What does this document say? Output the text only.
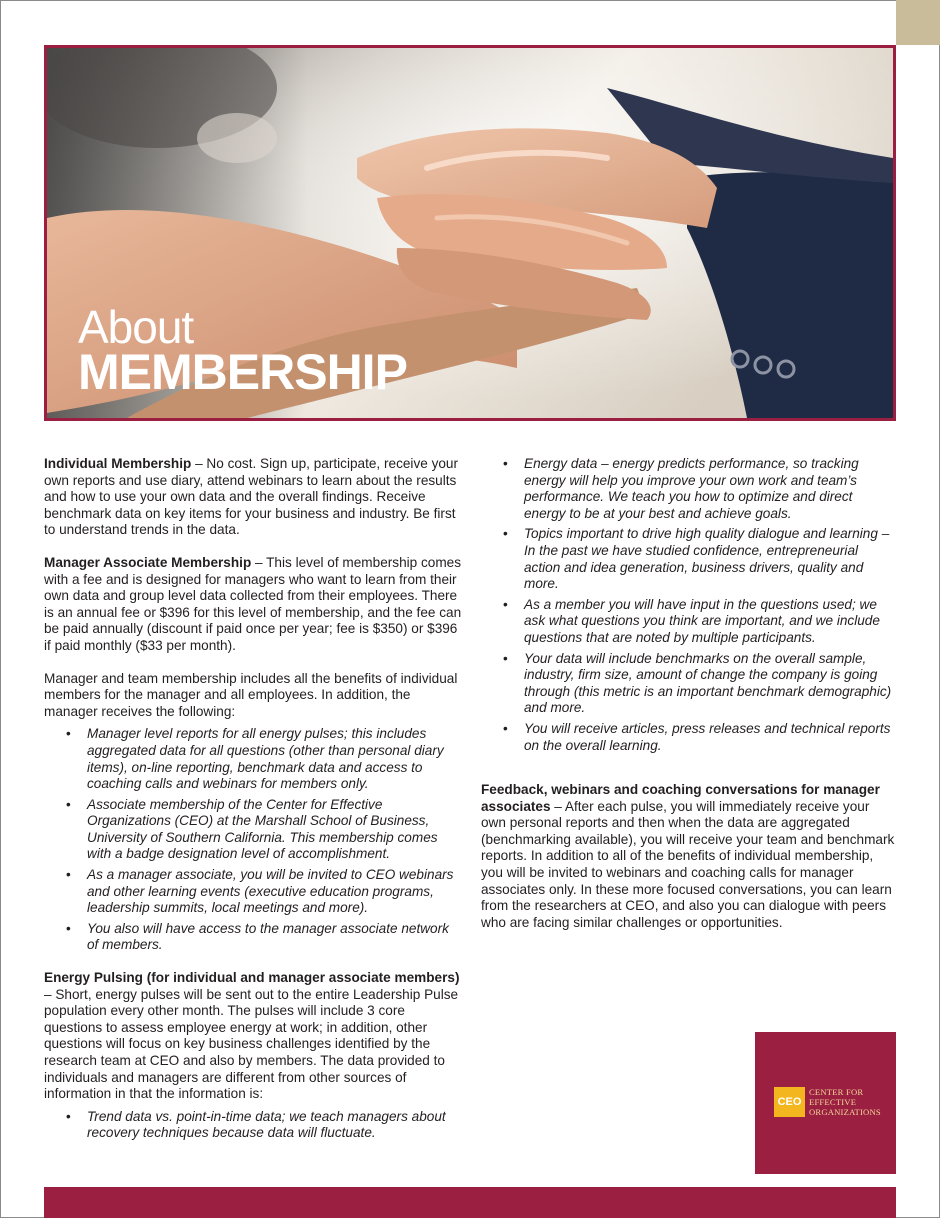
About
MEMBERSHIP

Individual Membership – No cost. Sign up, participate, receive your own reports and use diary, attend webinars to learn about the results and how to use your own data and the overall findings. Receive benchmark data on key items for your business and industry. Be first to understand trends in the data.

Manager Associate Membership – This level of membership comes with a fee and is designed for managers who want to learn from their own data and group level data collected from their employees. There is an annual fee or $396 for this level of membership, and the fee can be paid annually (discount if paid once per year; fee is $350) or $396 if paid monthly ($33 per month).

Manager and team membership includes all the benefits of individual members for the manager and all employees. In addition, the manager receives the following:

• Manager level reports for all energy pulses; this includes aggregated data for all questions (other than personal diary items), on-line reporting, benchmark data and access to coaching calls and webinars for members only.
• Associate membership of the Center for Effective Organizations (CEO) at the Marshall School of Business, University of Southern California. This membership comes with a badge designation level of accomplishment.
• As a manager associate, you will be invited to CEO webinars and other learning events (executive education programs, leadership summits, local meetings and more).
• You also will have access to the manager associate network of members.

Energy Pulsing (for individual and manager associate members) – Short, energy pulses will be sent out to the entire Leadership Pulse population every other month. The pulses will include 3 core questions to assess employee energy at work; in addition, other questions will focus on key business challenges identified by the research team at CEO and also by members. The data provided to individuals and managers are different from other sources of information in that the information is:

• Trend data vs. point-in-time data; we teach managers about recovery techniques because data will fluctuate.
• Energy data – energy predicts performance, so tracking energy will help you improve your own work and team’s performance. We teach you how to optimize and direct energy to be at your best and achieve goals.
• Topics important to drive high quality dialogue and learning – In the past we have studied confidence, entrepreneurial action and idea generation, business drivers, quality and more.
• As a member you will have input in the questions used; we ask what questions you think are important, and we include questions that are noted by multiple participants.
• Your data will include benchmarks on the overall sample, industry, firm size, amount of change the company is going through (this metric is an important benchmark demographic) and more.
• You will receive articles, press releases and technical reports on the overall learning.

Feedback, webinars and coaching conversations for manager associates – After each pulse, you will immediately receive your own personal reports and then when the data are aggregated (benchmarking available), you will receive your team and benchmark reports. In addition to all of the benefits of individual membership, you will be invited to webinars and coaching calls for manager associates only. In these more focused conversations, you can learn from the researchers at CEO, and also you can dialogue with peers who are facing similar challenges or opportunities.

CEO
CENTER FOR
EFFECTIVE
ORGANIZATIONS
